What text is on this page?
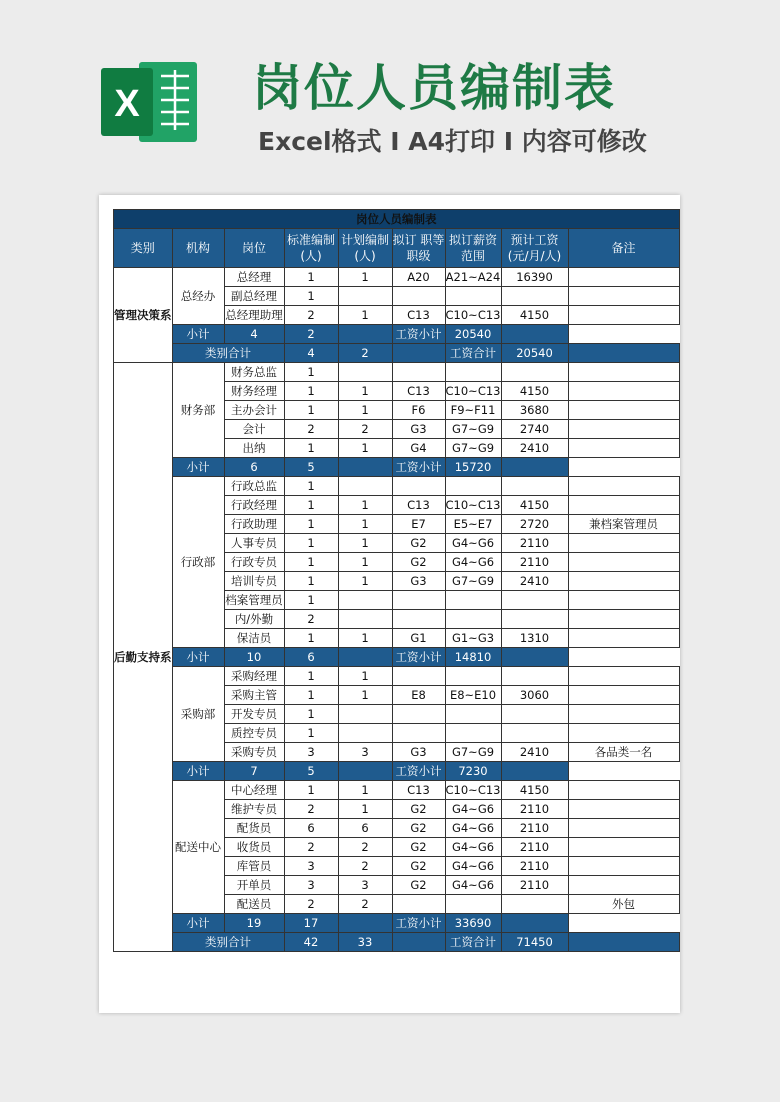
X 岗位人员编制表
Excel格式 I A4打印 I 内容可修改
岗位人员编制表								
类别	机构	岗位	标准编制(人)	计划编制(人)	拟订 职等职级	拟订薪资范围	预计工资(元/月/人)	备注
管理决策系	总经办	总经理	1	1	A20	A21~A24	16390	
		副总经理	1					
		总经理助理	2	1	C13	C10~C13	4150	
	小计	4	2		工资小计	20540		
	类别合计		4	2		工资合计	20540	
后勤支持系	财务部	财务总监	1					
		财务经理	1	1	C13	C10~C13	4150	
		主办会计	1	1	F6	F9~F11	3680	
		会计	2	2	G3	G7~G9	2740	
		出纳	1	1	G4	G7~G9	2410	
	小计	6	5		工资小计	15720		
	行政部	行政总监	1					
		行政经理	1	1	C13	C10~C13	4150	
		行政助理	1	1	E7	E5~E7	2720	兼档案管理员
		人事专员	1	1	G2	G4~G6	2110	
		行政专员	1	1	G2	G4~G6	2110	
		培训专员	1	1	G3	G7~G9	2410	
		档案管理员	1					
		内/外勤	2					
		保洁员	1	1	G1	G1~G3	1310	
	小计	10	6		工资小计	14810		
	采购部	采购经理	1	1				
		采购主管	1	1	E8	E8~E10	3060	
		开发专员	1					
		质控专员	1					
		采购专员	3	3	G3	G7~G9	2410	各品类一名
	小计	7	5		工资小计	7230		
	配送中心	中心经理	1	1	C13	C10~C13	4150	
		维护专员	2	1	G2	G4~G6	2110	
		配货员	6	6	G2	G4~G6	2110	
		收货员	2	2	G2	G4~G6	2110	
		库管员	3	2	G2	G4~G6	2110	
		开单员	3	3	G2	G4~G6	2110	
		配送员	2	2				外包
	小计	19	17		工资小计	33690		
	类别合计		42	33		工资合计	71450	
